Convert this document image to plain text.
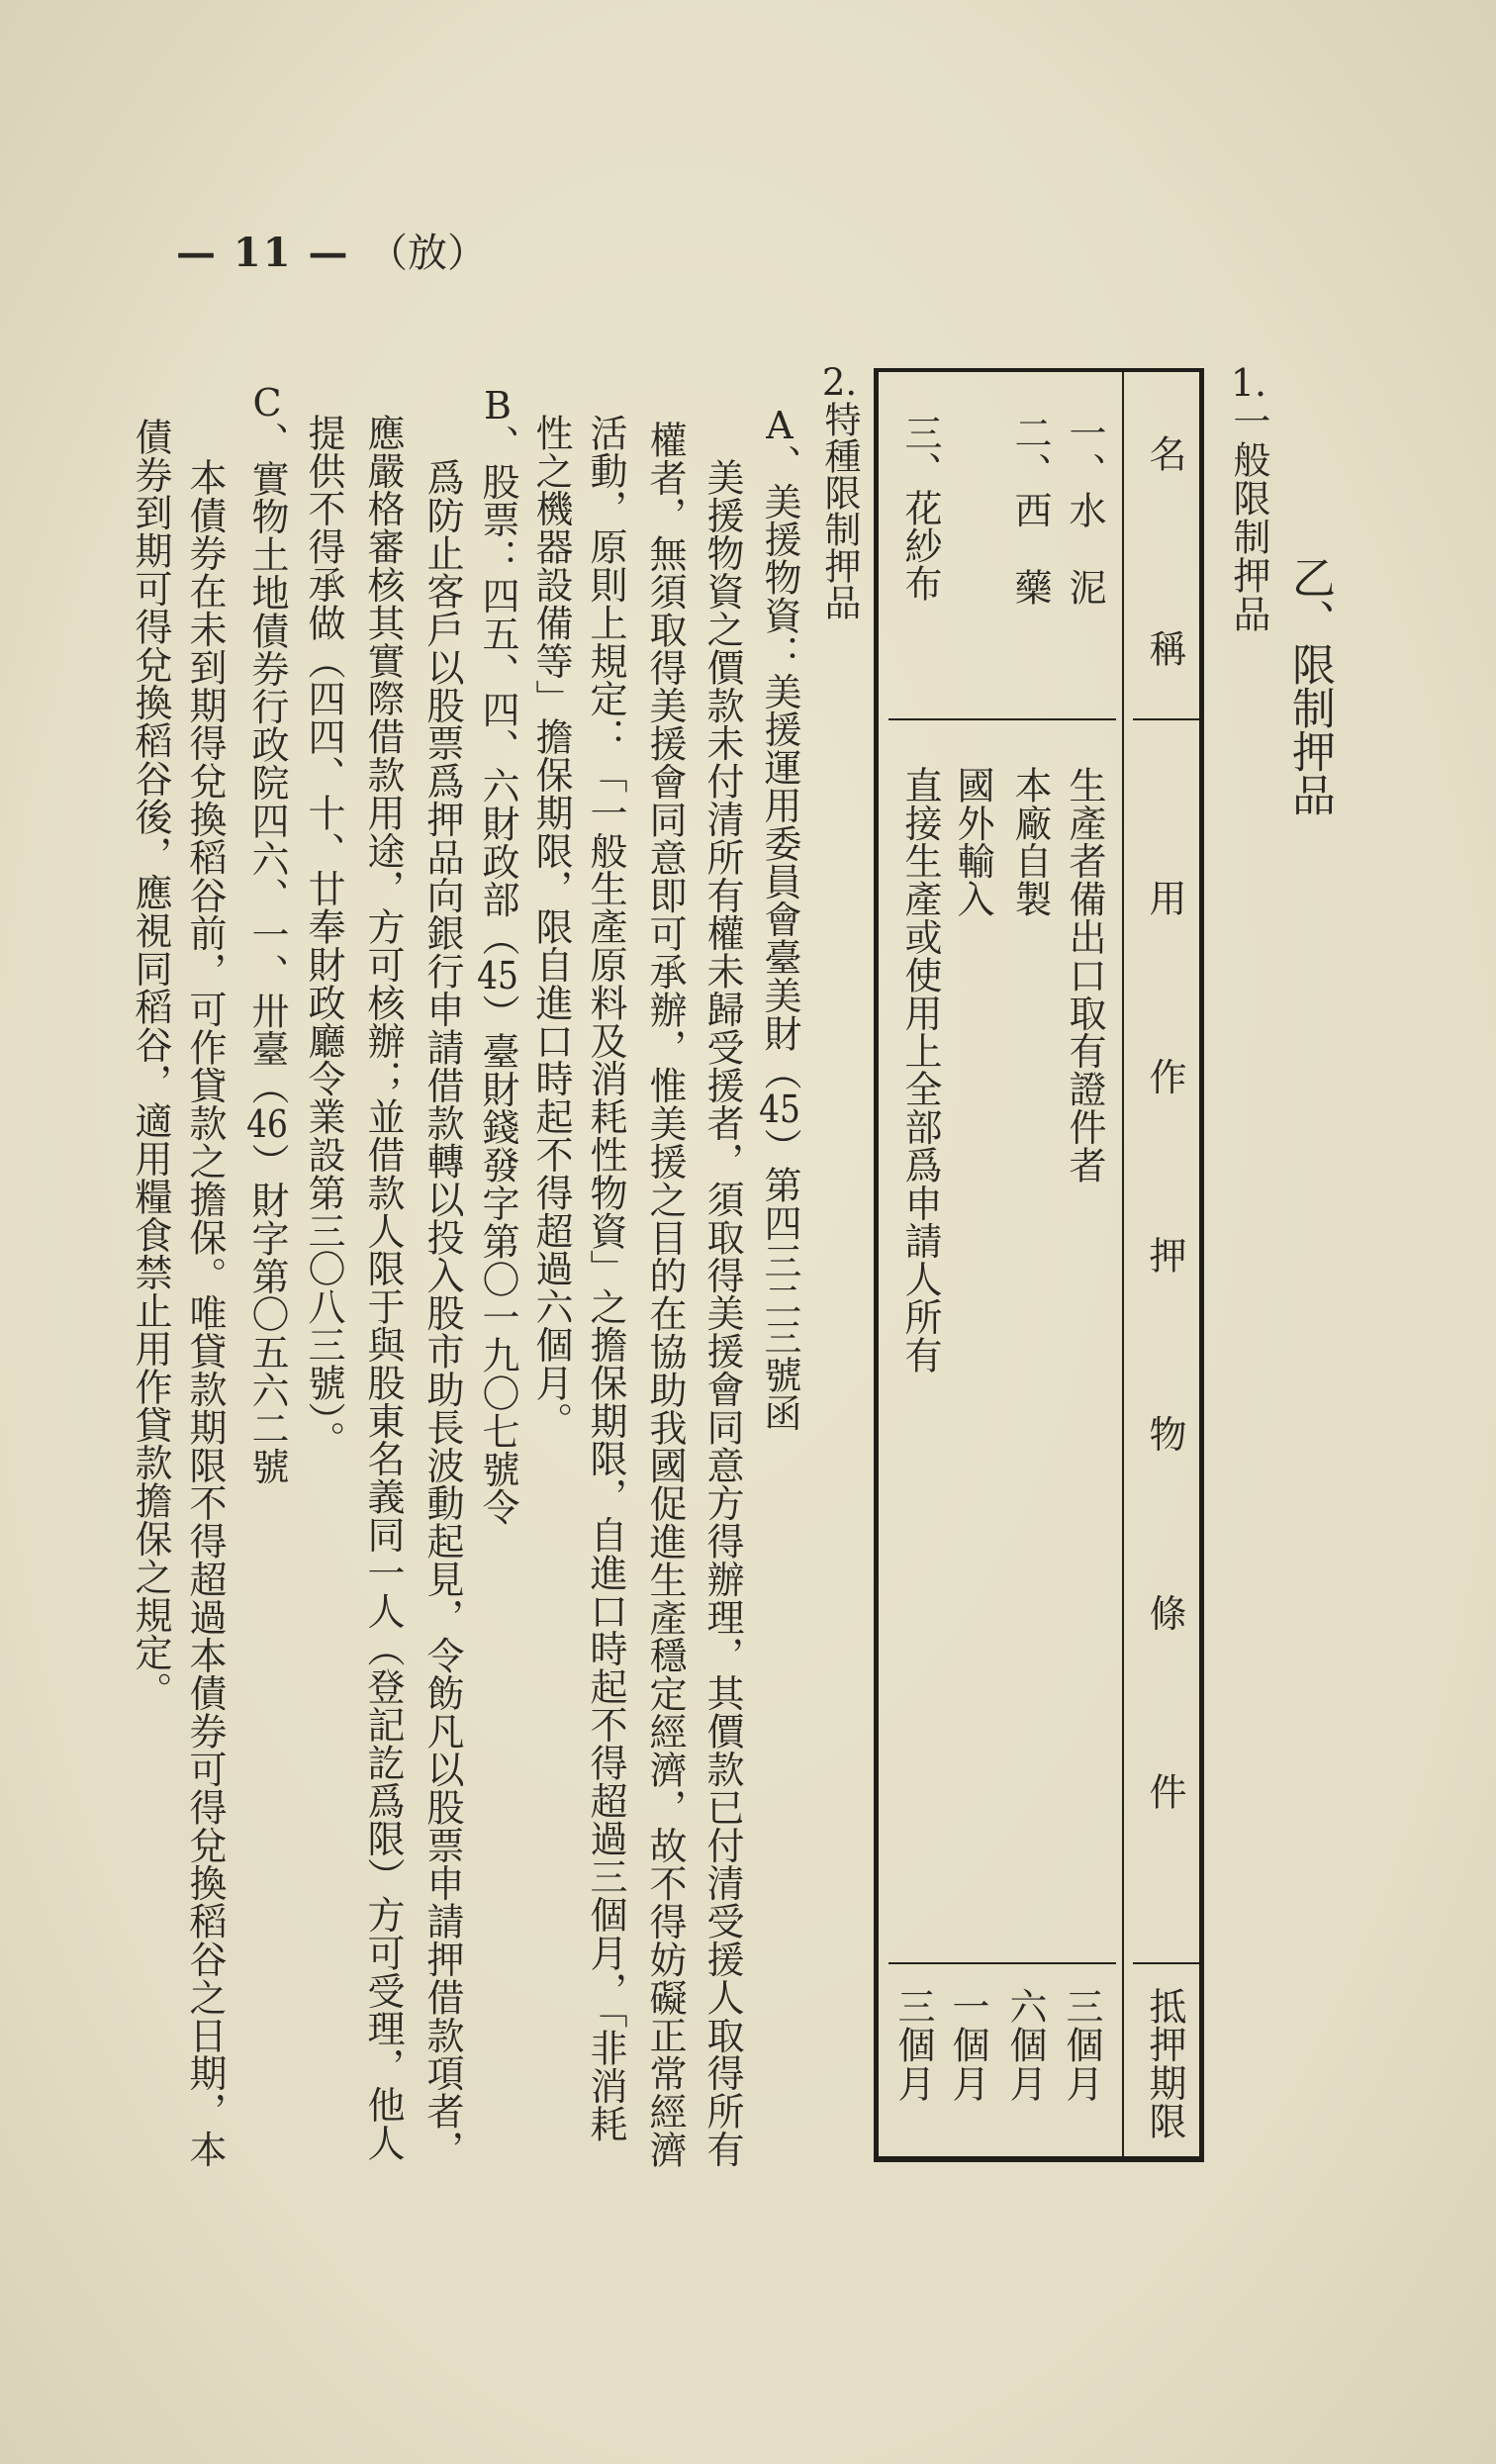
— 11 — （放）
乙、限制押品
1.一般限制押品
名稱
用作押物條件
抵押期限
一、水　泥
生產者備出口取有證件者
三個月
二、西　藥
本廠自製
六個月
國外輸入
一個月
三、花紗布
直接生產或使用上全部爲申請人所有
三個月
2.特種限制押品
A、美援物資：美援運用委員會臺美財（45）第四三二三號函
美援物資之價款未付清所有權未歸受援者，須取得美援會同意方得辦理，其價款已付清受援人取得所有
權者，無須取得美援會同意即可承辦，惟美援之目的在協助我國促進生產穩定經濟，故不得妨礙正常經濟
活動，原則上規定：「一般生產原料及消耗性物資」之擔保期限，自進口時起不得超過三個月，「非消耗
性之機器設備等」擔保期限，限自進口時起不得超過六個月。
B、股票：四五、四、六財政部（45）臺財錢發字第〇一九〇七號令
爲防止客戶以股票爲押品向銀行申請借款轉以投入股市助長波動起見，令飭凡以股票申請押借款項者，
應嚴格審核其實際借款用途，方可核辦；並借款人限于與股東名義同一人（登記訖爲限）方可受理，他人
提供不得承做（四四、十、廿奉財政廳令業設第三〇八三號）。
C、實物土地債券行政院四六、一、卅臺（46）財字第〇五六二號
本債券在未到期得兌換稻谷前，可作貸款之擔保。唯貸款期限不得超過本債券可得兌換稻谷之日期，本
債券到期可得兌換稻谷後，應視同稻谷，適用糧食禁止用作貸款擔保之規定。
